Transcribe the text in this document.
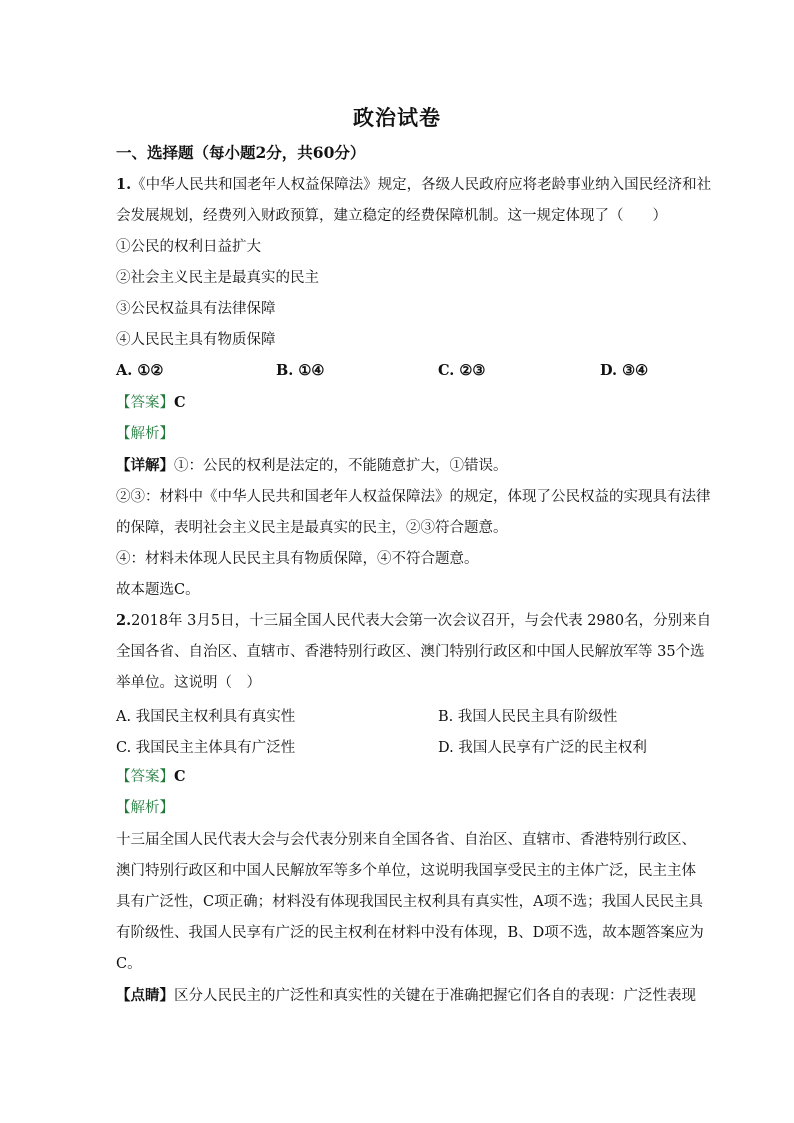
政治试卷
一、选择题（每小题2分，共60分）
1.《中华人民共和国老年人权益保障法》规定，各级人民政府应将老龄事业纳入国民经济和社
会发展规划，经费列入财政预算，建立稳定的经费保障机制。这一规定体现了（　　）
①公民的权利日益扩大
②社会主义民主是最真实的民主
③公民权益具有法律保障
④人民民主具有物质保障
A. ①②	B. ①④	C. ②③	D. ③④
【答案】C
【解析】
【详解】①：公民的权利是法定的，不能随意扩大，①错误。
②③：材料中《中华人民共和国老年人权益保障法》的规定，体现了公民权益的实现具有法律
的保障，表明社会主义民主是最真实的民主，②③符合题意。
④：材料未体现人民民主具有物质保障，④不符合题意。
故本题选C。
2.2018年 3月5日，十三届全国人民代表大会第一次会议召开，与会代表 2980名，分别来自
全国各省、自治区、直辖市、香港特别行政区、澳门特别行政区和中国人民解放军等 35个选
举单位。这说明（　）
A. 我国民主权利具有真实性	B. 我国人民民主具有阶级性
C. 我国民主主体具有广泛性	D. 我国人民享有广泛的民主权利
【答案】C
【解析】
十三届全国人民代表大会与会代表分别来自全国各省、自治区、直辖市、香港特别行政区、
澳门特别行政区和中国人民解放军等多个单位，这说明我国享受民主的主体广泛，民主主体
具有广泛性，C项正确；材料没有体现我国民主权利具有真实性，A项不选；我国人民民主具
有阶级性、我国人民享有广泛的民主权利在材料中没有体现，B、D项不选，故本题答案应为
C。
【点睛】区分人民民主的广泛性和真实性的关键在于准确把握它们各自的表现：广泛性表现
